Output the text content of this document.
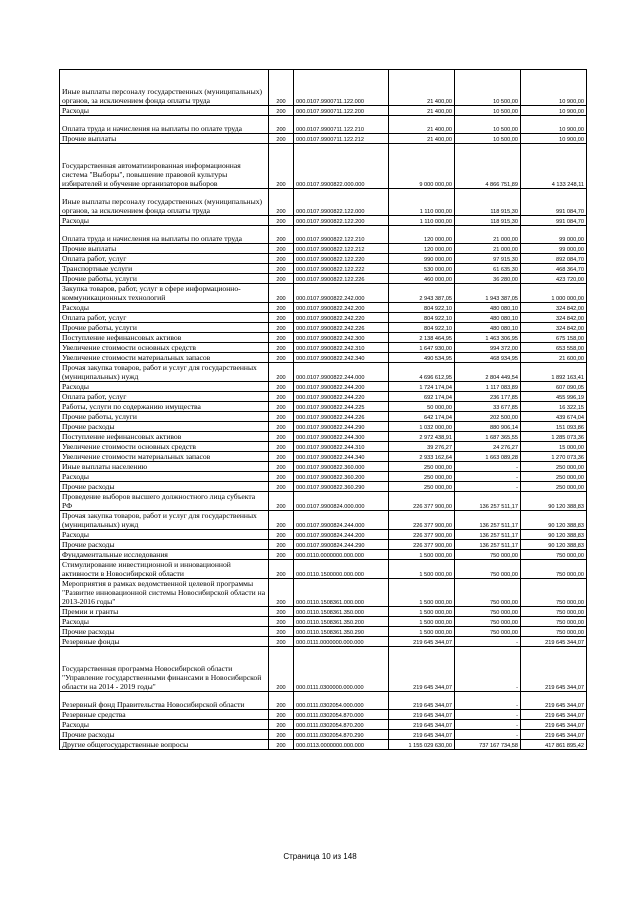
Иные выплаты персоналу государственных (муниципальных) органов, за исключением фонда оплаты труда	200	000.0107.9900711.122.000	21 400,00	10 500,00	10 900,00
Расходы	200	000.0107.9900711.122.200	21 400,00	10 500,00	10 900,00
Оплата труда и начисления на выплаты по оплате труда	200	000.0107.9900711.122.210	21 400,00	10 500,00	10 900,00
Прочие выплаты	200	000.0107.9900711.122.212	21 400,00	10 500,00	10 900,00
Государственная автоматизированная информационная система "Выборы", повышение правовой культуры избирателей и обучение организаторов выборов	200	000.0107.9900822.000.000	9 000 000,00	4 866 751,89	4 133 248,11
Иные выплаты персоналу государственных (муниципальных) органов, за исключением фонда оплаты труда	200	000.0107.9900822.122.000	1 110 000,00	118 915,30	991 084,70
Расходы	200	000.0107.9900822.122.200	1 110 000,00	118 915,30	991 084,70
Оплата труда и начисления на выплаты по оплате труда	200	000.0107.9900822.122.210	120 000,00	21 000,00	99 000,00
Прочие выплаты	200	000.0107.9900822.122.212	120 000,00	21 000,00	99 000,00
Оплата работ, услуг	200	000.0107.9900822.122.220	990 000,00	97 915,30	892 084,70
Транспортные услуги	200	000.0107.9900822.122.222	530 000,00	61 635,30	468 364,70
Прочие работы, услуги	200	000.0107.9900822.122.226	460 000,00	36 280,00	423 720,00
Закупка товаров, работ, услуг в сфере информационно-коммуникационных технологий	200	000.0107.9900822.242.000	2 943 387,05	1 943 387,05	1 000 000,00
Расходы	200	000.0107.9900822.242.200	804 922,10	480 080,10	324 842,00
Оплата работ, услуг	200	000.0107.9900822.242.220	804 922,10	480 080,10	324 842,00
Прочие работы, услуги	200	000.0107.9900822.242.226	804 922,10	480 080,10	324 842,00
Поступление нефинансовых активов	200	000.0107.9900822.242.300	2 138 464,95	1 463 306,95	675 158,00
Увеличение стоимости основных средств	200	000.0107.9900822.242.310	1 647 930,00	994 372,00	653 558,00
Увеличение стоимости материальных запасов	200	000.0107.9900822.242.340	490 534,95	468 934,95	21 600,00
Прочая закупка товаров, работ и услуг для государственных (муниципальных) нужд	200	000.0107.9900822.244.000	4 696 612,95	2 804 449,54	1 892 163,41
Расходы	200	000.0107.9900822.244.200	1 724 174,04	1 117 083,89	607 090,05
Оплата работ, услуг	200	000.0107.9900822.244.220	692 174,04	236 177,85	455 996,19
Работы, услуги по содержанию имущества	200	000.0107.9900822.244.225	50 000,00	33 677,85	16 322,15
Прочие работы, услуги	200	000.0107.9900822.244.226	642 174,04	202 500,00	439 674,04
Прочие расходы	200	000.0107.9900822.244.290	1 032 000,00	880 906,14	151 093,86
Поступление нефинансовых активов	200	000.0107.9900822.244.300	2 972 438,91	1 687 365,55	1 285 073,36
Увеличение стоимости основных средств	200	000.0107.9900822.244.310	39 276,27	24 276,27	15 000,00
Увеличение стоимости материальных запасов	200	000.0107.9900822.244.340	2 933 162,64	1 663 089,28	1 270 073,36
Иные выплаты населению	200	000.0107.9900822.360.000	250 000,00	-	250 000,00
Расходы	200	000.0107.9900822.360.200	250 000,00	-	250 000,00
Прочие расходы	200	000.0107.9900822.360.290	250 000,00	-	250 000,00
Проведение выборов высшего должностного лица субъекта РФ	200	000.0107.9900824.000.000	226 377 900,00	136 257 511,17	90 120 388,83
Прочая закупка товаров, работ и услуг для государственных (муниципальных) нужд	200	000.0107.9900824.244.000	226 377 900,00	136 257 511,17	90 120 388,83
Расходы	200	000.0107.9900824.244.200	226 377 900,00	136 257 511,17	90 120 388,83
Прочие расходы	200	000.0107.9900824.244.290	226 377 900,00	136 257 511,17	90 120 388,83
Фундаментальные исследования	200	000.0110.0000000.000.000	1 500 000,00	750 000,00	750 000,00
Стимулирование инвестиционной и инновационной активности в Новосибирской области	200	000.0110.1500000.000.000	1 500 000,00	750 000,00	750 000,00
Мероприятия в рамках ведомственной целевой программы "Развитие инновационной системы Новосибирской области на 2013-2016 годы"	200	000.0110.1508361.000.000	1 500 000,00	750 000,00	750 000,00
Премии и гранты	200	000.0110.1508361.350.000	1 500 000,00	750 000,00	750 000,00
Расходы	200	000.0110.1508361.350.200	1 500 000,00	750 000,00	750 000,00
Прочие расходы	200	000.0110.1508361.350.290	1 500 000,00	750 000,00	750 000,00
Резервные фонды	200	000.0111.0000000.000.000	219 645 344,07	-	219 645 344,07
Государственная программа Новосибирской области "Управление государственными финансами в Новосибирской области на 2014 - 2019 годы"	200	000.0111.0300000.000.000	219 645 344,07	-	219 645 344,07
Резервный фонд Правительства Новосибирской области	200	000.0111.0302054.000.000	219 645 344,07	-	219 645 344,07
Резервные средства	200	000.0111.0302054.870.000	219 645 344,07	-	219 645 344,07
Расходы	200	000.0111.0302054.870.200	219 645 344,07	-	219 645 344,07
Прочие расходы	200	000.0111.0302054.870.290	219 645 344,07	-	219 645 344,07
Другие общегосударственные вопросы	200	000.0113.0000000.000.000	1 155 029 630,00	737 167 734,58	417 861 895,42
Страница 10 из 148
